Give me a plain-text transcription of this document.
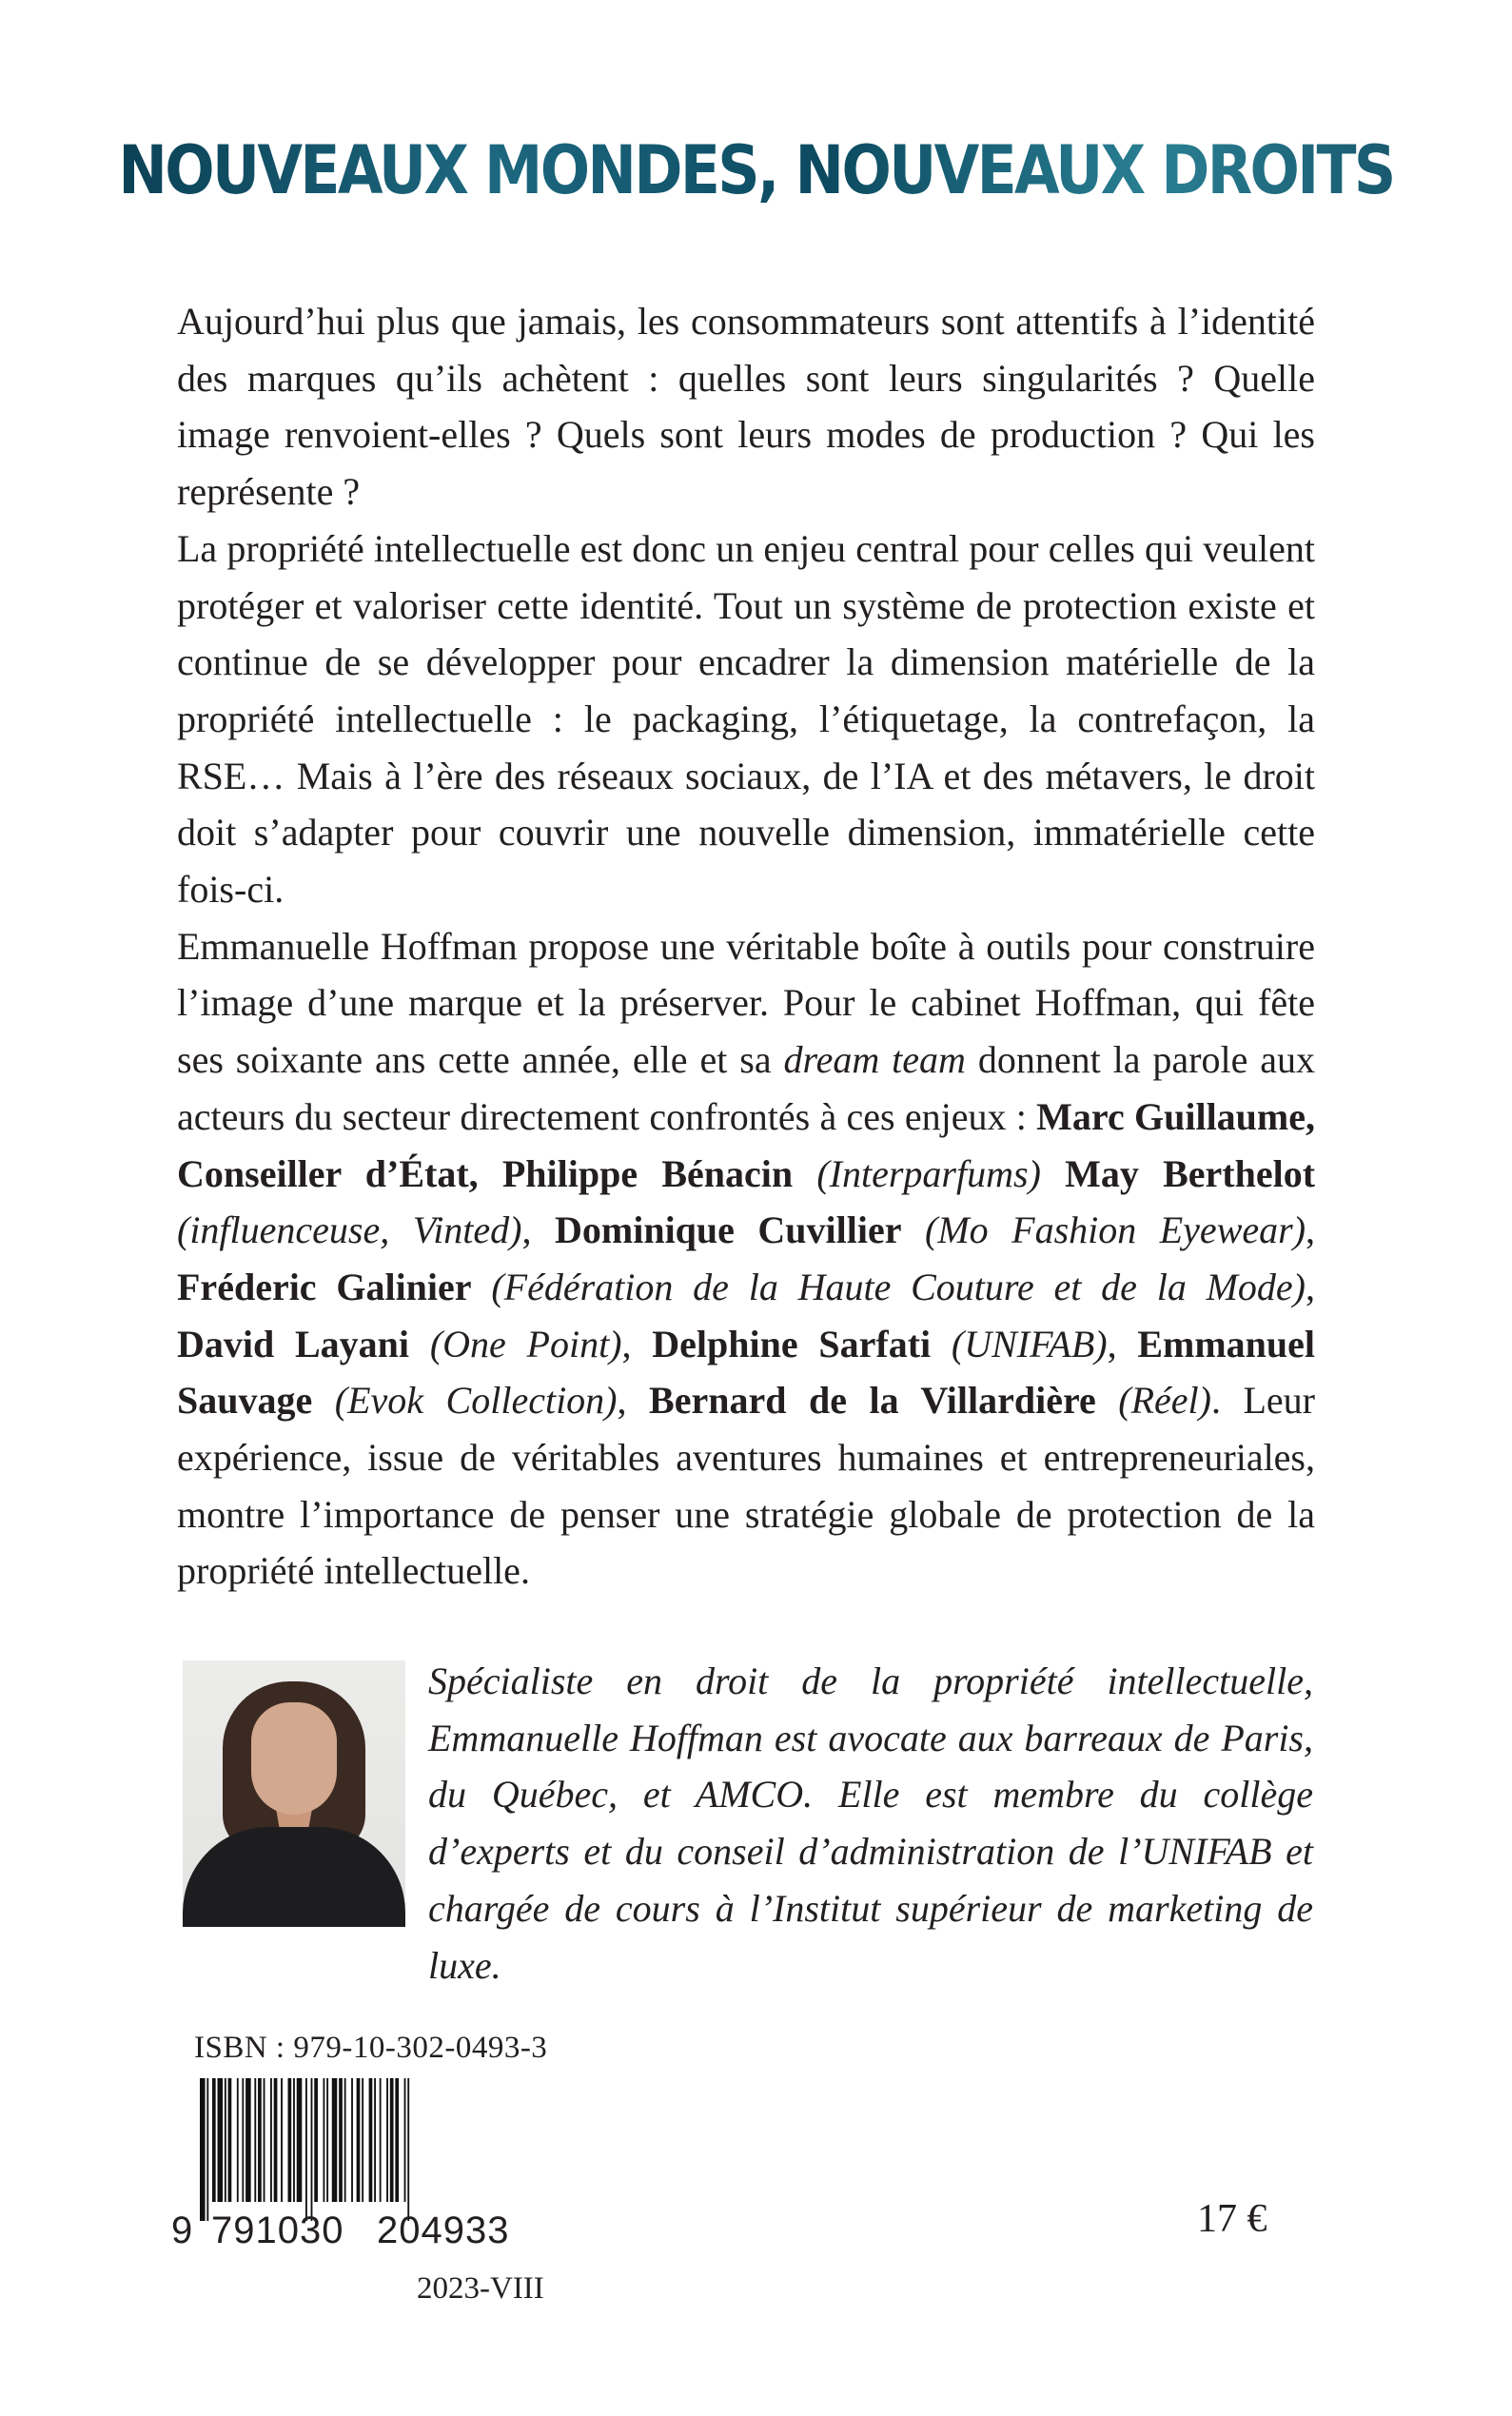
NOUVEAUX MONDES, NOUVEAUX DROITS

Aujourd’hui plus que jamais, les consommateurs sont attentifs à l’identité des marques qu’ils achètent : quelles sont leurs singularités ? Quelle image renvoient-elles ? Quels sont leurs modes de production ? Qui les représente ?

La propriété intellectuelle est donc un enjeu central pour celles qui veulent protéger et valoriser cette identité. Tout un système de protection existe et continue de se développer pour encadrer la dimension matérielle de la propriété intellectuelle : le packaging, l’étiquetage, la contrefaçon, la RSE… Mais à l’ère des réseaux sociaux, de l’IA et des métavers, le droit doit s’adapter pour couvrir une nouvelle dimension, immatérielle cette fois-ci.

Emmanuelle Hoffman propose une véritable boîte à outils pour construire l’image d’une marque et la préserver. Pour le cabinet Hoffman, qui fête ses soixante ans cette année, elle et sa dream team donnent la parole aux acteurs du secteur directement confrontés à ces enjeux : Marc Guillaume, Conseiller d’État, Philippe Bénacin (Interparfums) May Berthelot (influenceuse, Vinted), Dominique Cuvillier (Mo Fashion Eyewear), Fréderic Galinier (Fédération de la Haute Couture et de la Mode), David Layani (One Point), Delphine Sarfati (UNIFAB), Emmanuel Sauvage (Evok Collection), Bernard de la Villardière (Réel). Leur expérience, issue de véritables aventures humaines et entrepreneuriales, montre l’importance de penser une stratégie globale de protection de la propriété intellectuelle.

Spécialiste en droit de la propriété intellectuelle, Emmanuelle Hoffman est avocate aux barreaux de Paris, du Québec, et AMCO. Elle est membre du collège d’experts et du conseil d’administration de l’UNIFAB et chargée de cours à l’Institut supérieur de marketing de luxe.
ISBN : 979-10-302-0493-3
9 791030 204933	17 €
2023-VIII
